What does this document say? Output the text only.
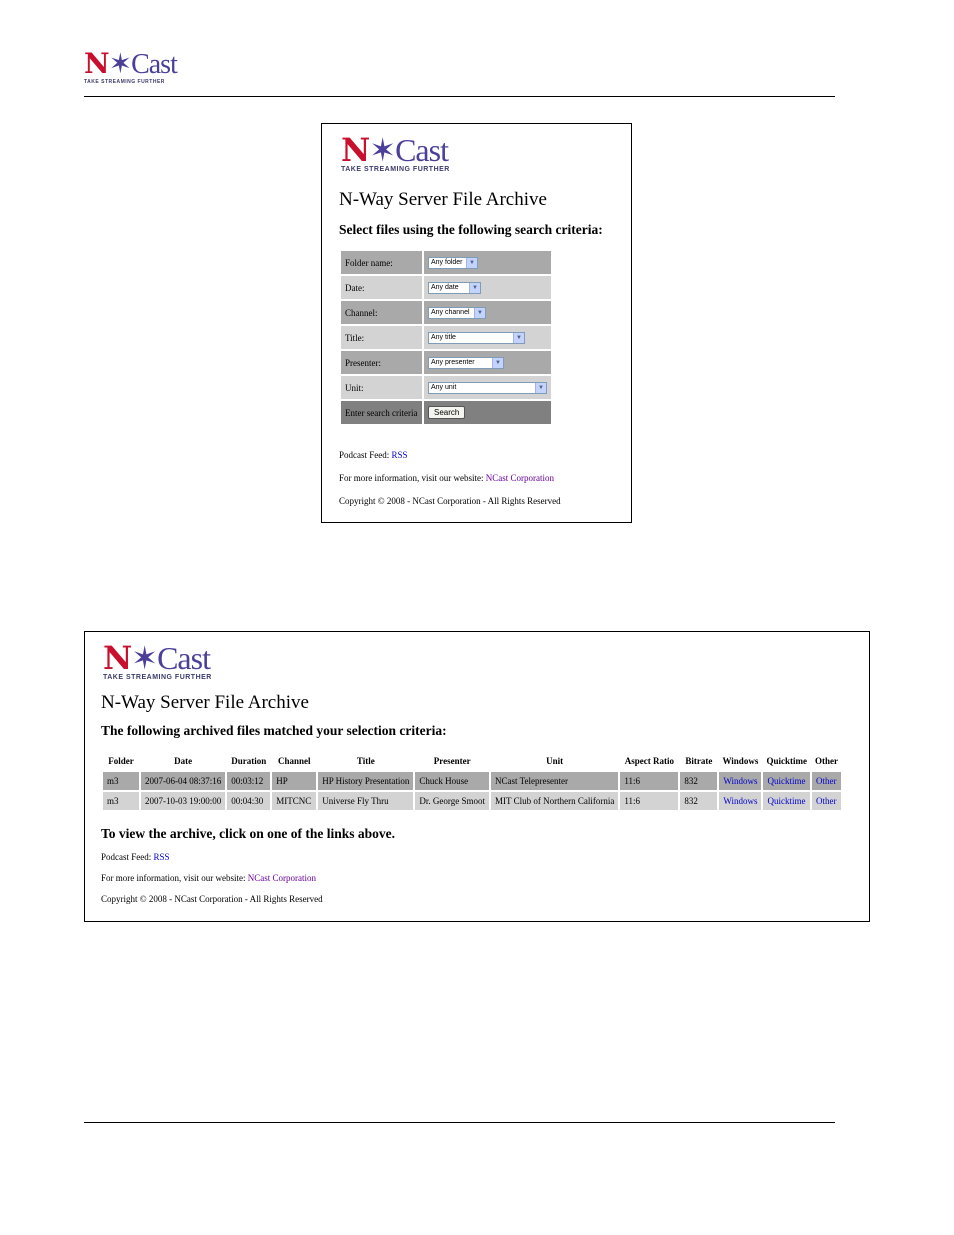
N✶Cast
TAKE STREAMING FURTHER
N✶Cast
TAKE STREAMING FURTHER
N-Way Server File Archive
Select files using the following search criteria:
Folder name:	Any folder ▼

Date:	Any date ▼

Channel:	Any channel ▼

Title:	Any title ▼

Presenter:	Any presenter ▼

Unit:	Any unit ▼

Enter search criteria	Search
Podcast Feed: RSS
For more information, visit our website: NCast Corporation
Copyright © 2008 - NCast Corporation - All Rights Reserved
N✶Cast
TAKE STREAMING FURTHER
N-Way Server File Archive
The following archived files matched your selection criteria:
Folder	Date	Duration	Channel	Title	Presenter	Unit	Aspect Ratio	Bitrate	Windows	Quicktime	Other
m3	2007-06-04 08:37:16	00:03:12	HP	HP History Presentation	Chuck House	NCast Telepresenter	11:6	832	Windows	Quicktime	Other
m3	2007-10-03 19:00:00	00:04:30	MITCNC	Universe Fly Thru	Dr. George Smoot	MIT Club of Northern California	11:6	832	Windows	Quicktime	Other
To view the archive, click on one of the links above.
Podcast Feed: RSS
For more information, visit our website: NCast Corporation
Copyright © 2008 - NCast Corporation - All Rights Reserved
